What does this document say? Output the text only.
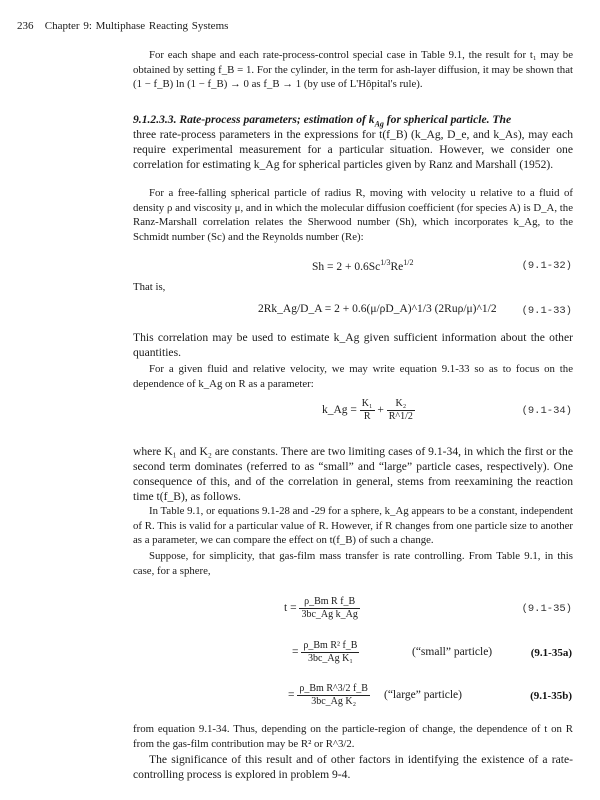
236 Chapter 9: Multiphase Reacting Systems
For each shape and each rate-process-control special case in Table 9.1, the result for t₁ may be obtained by setting f_B = 1. For the cylinder, in the term for ash-layer diffusion, it may be shown that (1 − f_B) ln (1 − f_B) → 0 as f_B → 1 (by use of L'Hôpital's rule).
9.1.2.3.3. Rate-process parameters; estimation of $k_{Ag}$ for spherical particle. The
three rate-process parameters in the expressions for t(f_B) (k_Ag, D_e, and k_As), may each require experimental measurement for a particular situation. However, we consider one correlation for estimating k_Ag for spherical particles given by Ranz and Marshall (1952).
For a free-falling spherical particle of radius R, moving with velocity u relative to a fluid of density ρ and viscosity μ, and in which the molecular diffusion coefficient (for species A) is D_A, the Ranz-Marshall correlation relates the Sherwood number (Sh), which incorporates k_Ag, to the Schmidt number (Sc) and the Reynolds number (Re):
$Sh = 2 + 0.6Sc^{1/3}Re^{1/2}$	(9.1-32)
That is,
2Rk_Ag/D_A = 2 + 0.6(μ/ρD_A)^1/3 (2Ruρ/μ)^1/2 (9.1-33)
This correlation may be used to estimate k_Ag given sufficient information about the other quantities.
For a given fluid and relative velocity, we may write equation 9.1-33 so as to focus on the dependence of k_Ag on R as a parameter:
k_Ag = $\frac{\text{K₁}}{R} + \frac{\text{K₂}}{R\^{}1/2}$	(9.1-34)
where K₁ and K₂ are constants. There are two limiting cases of 9.1-34, in which the first or the second term dominates (referred to as “small” and “large” particle cases, respectively). One consequence of this, and of the correlation in general, stems from reexamining the reaction time t(f_B), as follows.
In Table 9.1, or equations 9.1-28 and -29 for a sphere, k_Ag appears to be a constant, independent of R. This is valid for a particular value of R. However, if R changes from one particle size to another as a parameter, we can compare the effect on t(f_B) of such a change.
Suppose, for simplicity, that gas-film mass transfer is rate controlling. From Table 9.1, in this case, for a sphere,
$t = \frac{\text{ρ\_Bm R f\_B}}{\text{3bc\_Ag k\_Ag}}$	(9.1-35)
= $\frac{\text{ρ\_Bm R² f\_B}}{\text{3bc\_Ag K₁}}$	(“small” particle)	(9.1-35a)
= $\frac{\text{ρ\_Bm R\textasciicircum{}3/2 f\_B}}{\text{3bc\_Ag K₂}}$ (“large” particle)	(9.1-35b)
from equation 9.1-34. Thus, depending on the particle-region of change, the dependence of t on R from the gas-film contribution may be R² or R^3/2.
The significance of this result and of other factors in identifying the existence of a rate-controlling process is explored in problem 9-4.
